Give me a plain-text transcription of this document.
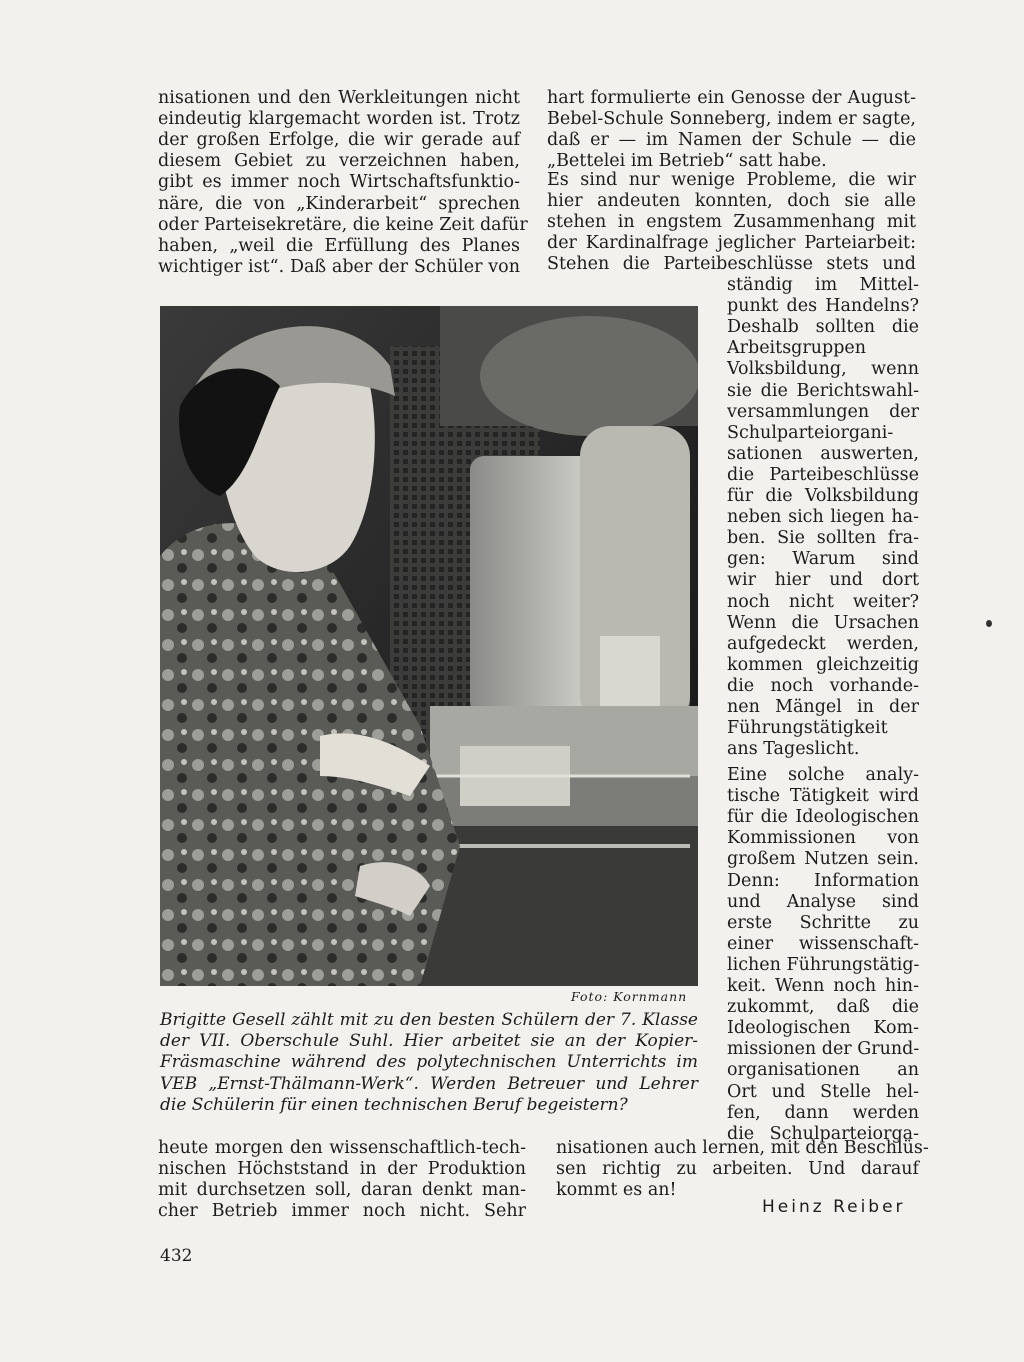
nisationen und den Werkleitungen nicht
eindeutig klargemacht worden ist. Trotz
der großen Erfolge, die wir gerade auf
diesem Gebiet zu verzeichnen haben,
gibt es immer noch Wirtschaftsfunktio-
näre, die von „Kinderarbeit“ sprechen
oder Parteisekretäre, die keine Zeit dafür
haben, „weil die Erfüllung des Planes
wichtiger ist“. Daß aber der Schüler von
hart formulierte ein Genosse der August-
Bebel-Schule Sonneberg, indem er sagte,
daß er — im Namen der Schule — die
„Bettelei im Betrieb“ satt habe.
Es sind nur wenige Probleme, die wir
hier andeuten konnten, doch sie alle
stehen in engstem Zusammenhang mit
der Kardinalfrage jeglicher Parteiarbeit:
Stehen die Parteibeschlüsse stets und
ständig im Mittel-
punkt des Handelns?
Deshalb sollten die
Arbeitsgruppen
Volksbildung, wenn
sie die Berichtswahl-
versammlungen der
Schulparteiorgani-
sationen auswerten,
die Parteibeschlüsse
für die Volksbildung
neben sich liegen ha-
ben. Sie sollten fra-
gen: Warum sind
wir hier und dort
noch nicht weiter?
Wenn die Ursachen
aufgedeckt werden,
kommen gleichzeitig
die noch vorhande-
nen Mängel in der
Führungstätigkeit
ans Tageslicht.
Eine solche analy-
tische Tätigkeit wird
für die Ideologischen
Kommissionen von
großem Nutzen sein.
Denn: Information
und Analyse sind
erste Schritte zu
einer wissenschaft-
lichen Führungstätig-
keit. Wenn noch hin-
zukommt, daß die
Ideologischen Kom-
missionen der Grund-
organisationen an
Ort und Stelle hel-
fen, dann werden
die Schulparteiorga-
Foto: Kornmann
Brigitte Gesell zählt mit zu den besten Schülern der 7. Klasse
der VII. Oberschule Suhl. Hier arbeitet sie an der Kopier-
Fräsmaschine während des polytechnischen Unterrichts im
VEB „Ernst-Thälmann-Werk“. Werden Betreuer und Lehrer
die Schülerin für einen technischen Beruf begeistern?
heute morgen den wissenschaftlich-tech-
nischen Höchststand in der Produktion
mit durchsetzen soll, daran denkt man-
cher Betrieb immer noch nicht. Sehr
nisationen auch lernen, mit den Beschlüs-
sen richtig zu arbeiten. Und darauf
kommt es an!
Heinz Reiber
432
